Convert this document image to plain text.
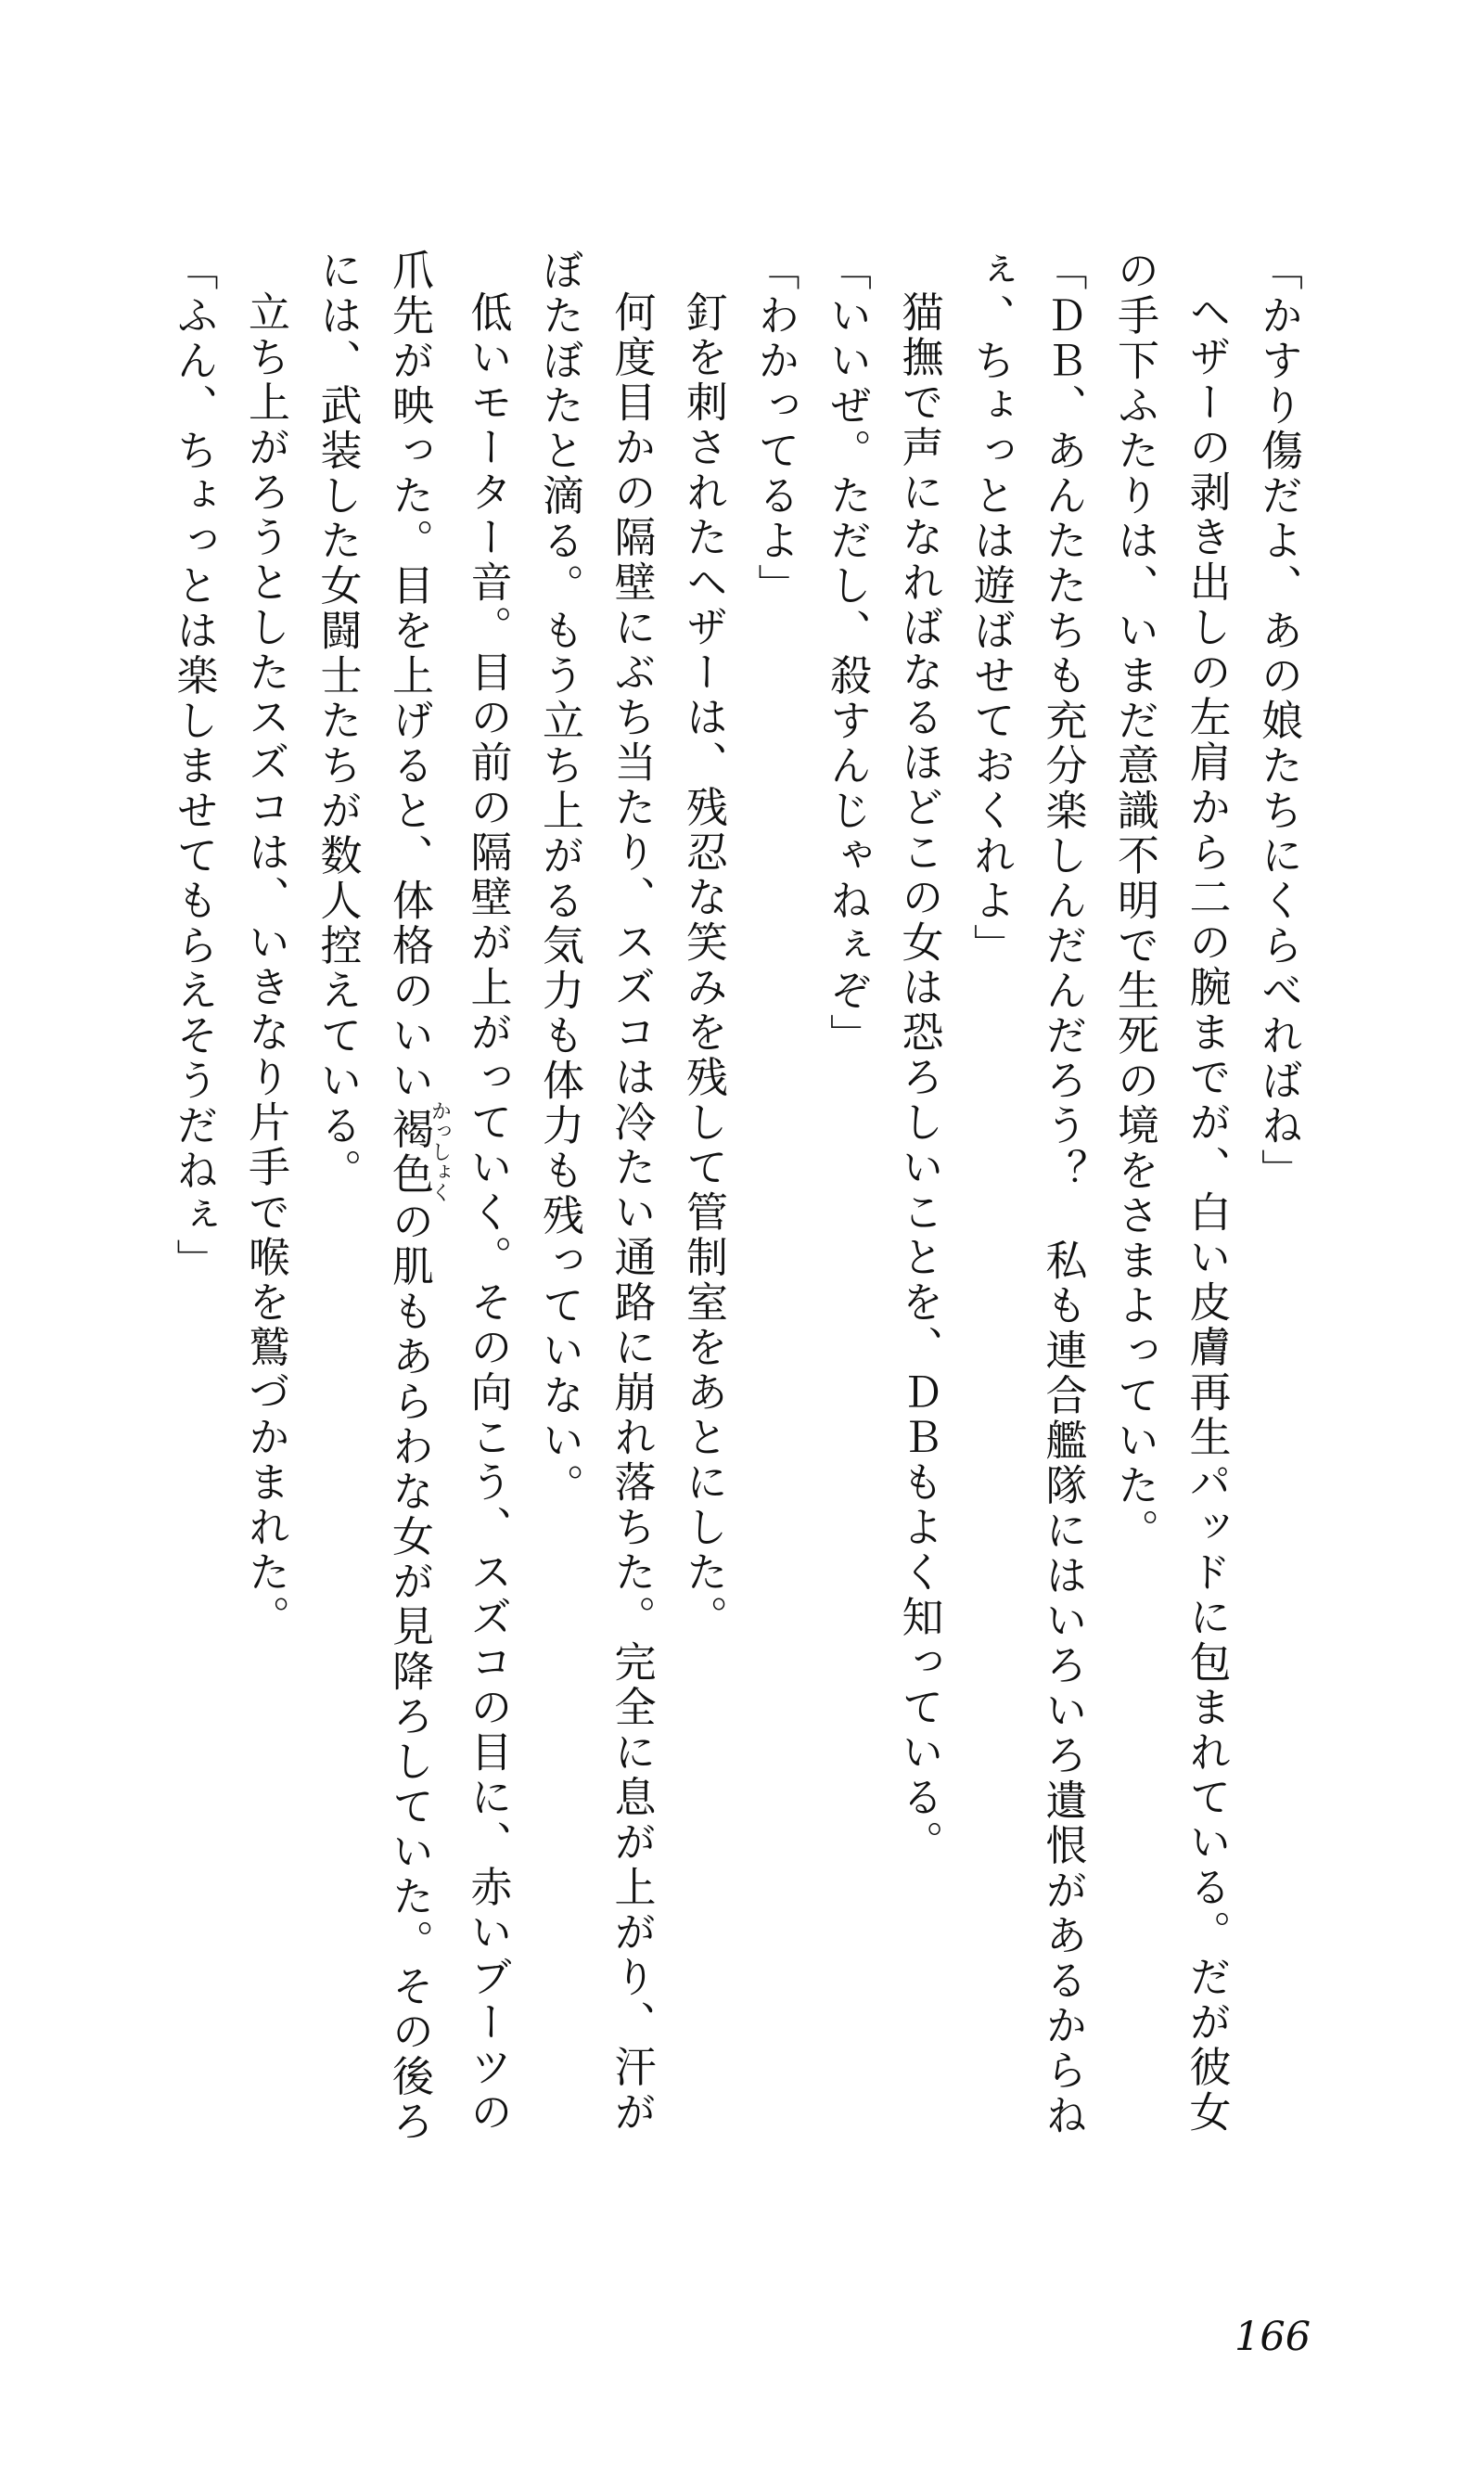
「かすり傷だよ、あの娘たちにくらべればね」

ヘザーの剥き出しの左肩から二の腕までが、白い皮膚再生パッドに包まれている。だが彼女

の手下ふたりは、いまだ意識不明で生死の境をさまよっていた。

「ＤＢ、あんたたちも充分楽しんだんだろう？　私も連合艦隊にはいろいろ遺恨があるからね

ぇ、ちょっとは遊ばせておくれよ」

猫撫で声になればなるほどこの女は恐ろしいことを、ＤＢもよく知っている。

「いいぜ。ただし、殺すんじゃねぇぞ」

「わかってるよ」

釘を刺されたヘザーは、残忍な笑みを残して管制室をあとにした。

何度目かの隔壁にぶち当たり、スズコは冷たい通路に崩れ落ちた。完全に息が上がり、汗が

ぼたぼたと滴る。もう立ち上がる気力も体力も残っていない。

低いモーター音。目の前の隔壁が上がっていく。その向こう、スズコの目に、赤いブーツの

爪先が映った。目を上げると、体格のいい褐色かっしょくの肌もあらわな女が見降ろしていた。その後ろ

には、武装した女闘士たちが数人控えている。

立ち上がろうとしたスズコは、いきなり片手で喉を鷲づかまれた。

「ふん、ちょっとは楽しませてもらえそうだねぇ」

166
